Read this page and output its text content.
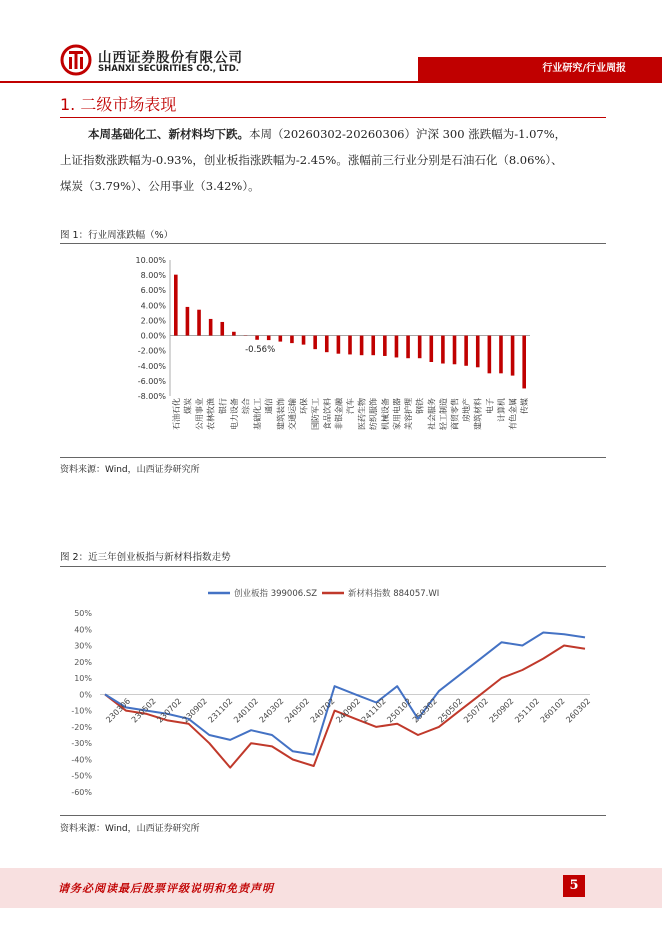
山西证券股份有限公司
SHANXI SECURITIES CO., LTD.	行业研究/行业周报
1. 二级市场表现
本周基础化工、新材料均下跌。本周（20260302-20260306）沪深 300 涨跌幅为-1.07%，
上证指数涨跌幅为-0.93%，创业板指涨跌幅为-2.45%。涨幅前三行业分别是石油石化（8.06%）、
煤炭（3.79%）、公用事业（3.42%）。
图 1：行业周涨跌幅（%）
10.00%
8.00%
6.00%
4.00%
2.00%
0.00%
-2.00%
-4.00%
-6.00%
-8.00%
石油石化 煤炭 公用事业 农林牧渔 银行 电力设备 综合 基础化工 通信 建筑装饰 交通运输 环保 国防军工 食品饮料 非银金融 汽车 医药生物 纺织服饰 机械设备 家用电器 美容护理 钢铁 社会服务 轻工制造 商贸零售 房地产 建筑材料 电子 计算机 有色金属 传媒
-0.56%
资料来源：Wind，山西证券研究所
图 2：近三年创业板指与新材料指数走势
50%
40%
30%
20%
10%
0%
-10%
-20%
-30%
-40%
-50%
-60%
创业板指 399006.SZ	新材料指数 884057.WI
230306
230502
230702
230902
231102
240102
240302
240502
240702
240902
241102
250102
250302
250502
250702
250902
251102
260102
260302
资料来源：Wind，山西证券研究所
请务必阅读最后股票评级说明和免责声明	5
